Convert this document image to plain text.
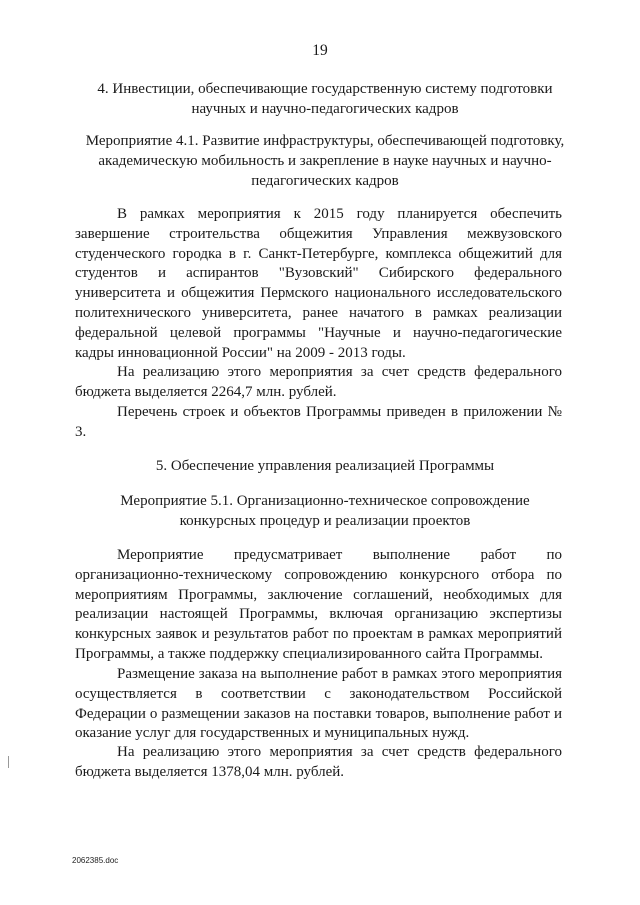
19
4. Инвестиции, обеспечивающие государственную систему подготовки
научных и научно-педагогических кадров
Мероприятие 4.1. Развитие инфраструктуры, обеспечивающей подготовку,
академическую мобильность и закрепление в науке научных и научно-
педагогических кадров

В рамках мероприятия к 2015 году планируется обеспечить завершение строительства общежития Управления межвузовского студенческого городка в г. Санкт-Петербурге, комплекса общежитий для студентов и аспирантов "Вузовский" Сибирского федерального университета и общежития Пермского национального исследовательского политехнического университета, ранее начатого в рамках реализации федеральной целевой программы "Научные и научно-педагогические кадры инновационной России" на 2009 - 2013 годы.

На реализацию этого мероприятия за счет средств федерального бюджета выделяется 2264,7 млн. рублей.

Перечень строек и объектов Программы приведен в приложении № 3.

5. Обеспечение управления реализацией Программы
Мероприятие 5.1. Организационно-техническое сопровождение
конкурсных процедур и реализации проектов

Мероприятие предусматривает выполнение работ по организационно-техническому сопровождению конкурсного отбора по мероприятиям Программы, заключение соглашений, необходимых для реализации настоящей Программы, включая организацию экспертизы конкурсных заявок и результатов работ по проектам в рамках мероприятий Программы, а также поддержку специализированного сайта Программы.

Размещение заказа на выполнение работ в рамках этого мероприятия осуществляется в соответствии с законодательством Российской Федерации о размещении заказов на поставки товаров, выполнение работ и оказание услуг для государственных и муниципальных нужд.

На реализацию этого мероприятия за счет средств федерального бюджета выделяется 1378,04 млн. рублей.

2062385.doc
